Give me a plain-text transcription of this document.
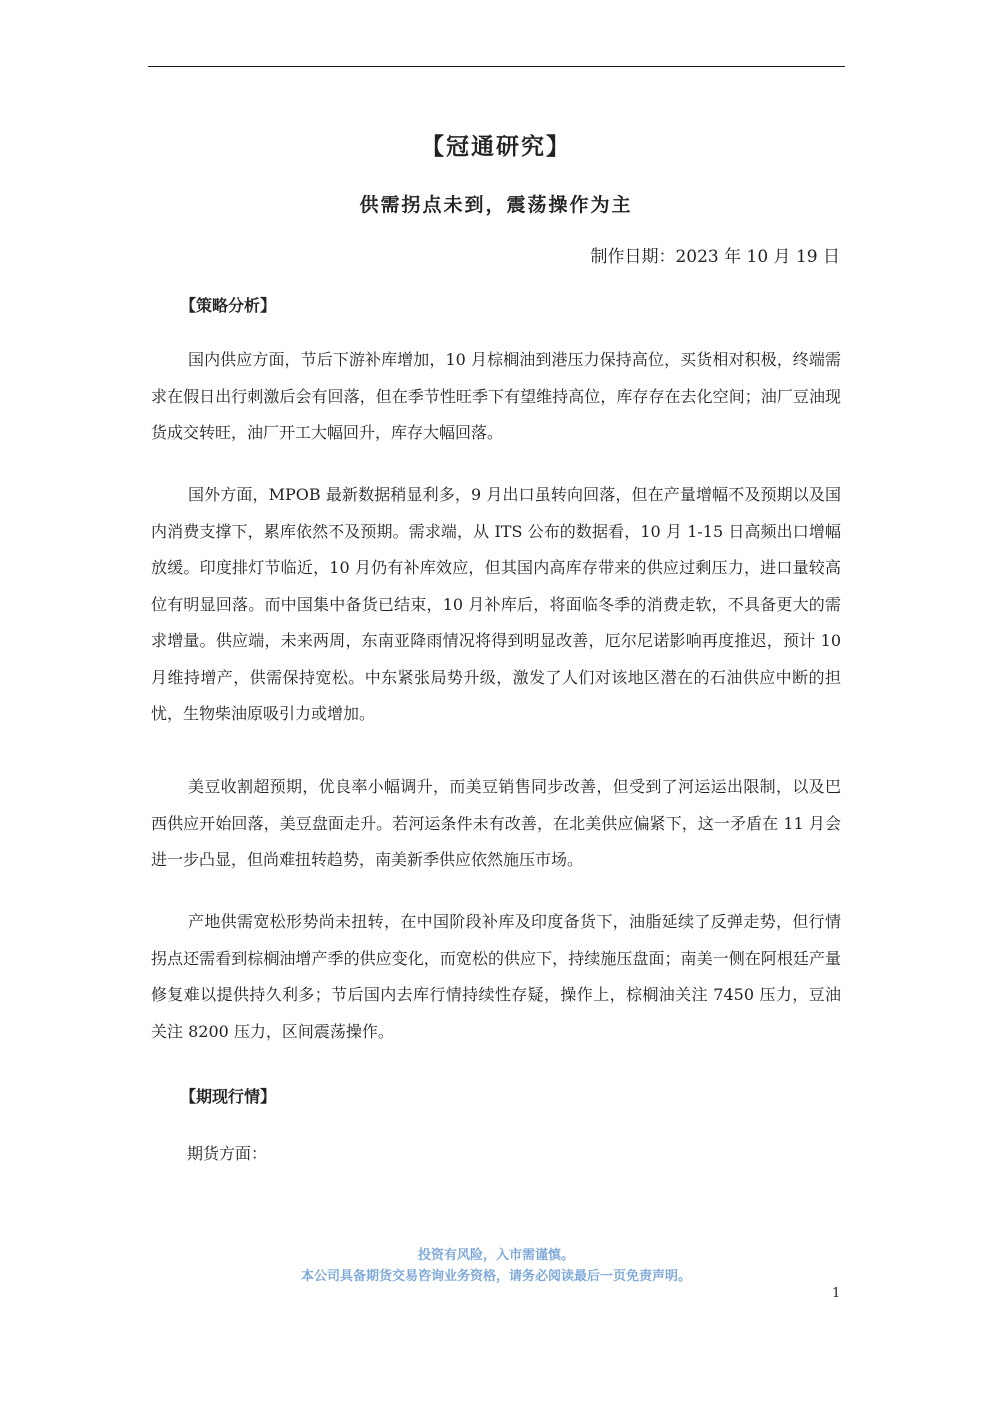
【冠通研究】
供需拐点未到，震荡操作为主
制作日期：2023 年 10 月 19 日
【策略分析】

国内供应方面，节后下游补库增加，10 月棕榈油到港压力保持高位，买货相对积极，终端需求在假日出行刺激后会有回落，但在季节性旺季下有望维持高位，库存存在去化空间；油厂豆油现货成交转旺，油厂开工大幅回升，库存大幅回落。

国外方面，MPOB 最新数据稍显利多，9 月出口虽转向回落，但在产量增幅不及预期以及国内消费支撑下，累库依然不及预期。需求端，从 ITS 公布的数据看，10 月 1-15 日高频出口增幅放缓。印度排灯节临近，10 月仍有补库效应，但其国内高库存带来的供应过剩压力，进口量较高位有明显回落。而中国集中备货已结束，10 月补库后，将面临冬季的消费走软，不具备更大的需求增量。供应端，未来两周，东南亚降雨情况将得到明显改善，厄尔尼诺影响再度推迟，预计 10 月维持增产，供需保持宽松。中东紧张局势升级，激发了人们对该地区潜在的石油供应中断的担忧，生物柴油原吸引力或增加。

美豆收割超预期，优良率小幅调升，而美豆销售同步改善，但受到了河运运出限制，以及巴西供应开始回落，美豆盘面走升。若河运条件未有改善，在北美供应偏紧下，这一矛盾在 11 月会进一步凸显，但尚难扭转趋势，南美新季供应依然施压市场。

产地供需宽松形势尚未扭转，在中国阶段补库及印度备货下，油脂延续了反弹走势，但行情拐点还需看到棕榈油增产季的供应变化，而宽松的供应下，持续施压盘面；南美一侧在阿根廷产量修复难以提供持久利多；节后国内去库行情持续性存疑，操作上，棕榈油关注 7450 压力，豆油关注 8200 压力，区间震荡操作。

【期现行情】
期货方面：
投资有风险，入市需谨慎。
本公司具备期货交易咨询业务资格，请务必阅读最后一页免责声明。
1
